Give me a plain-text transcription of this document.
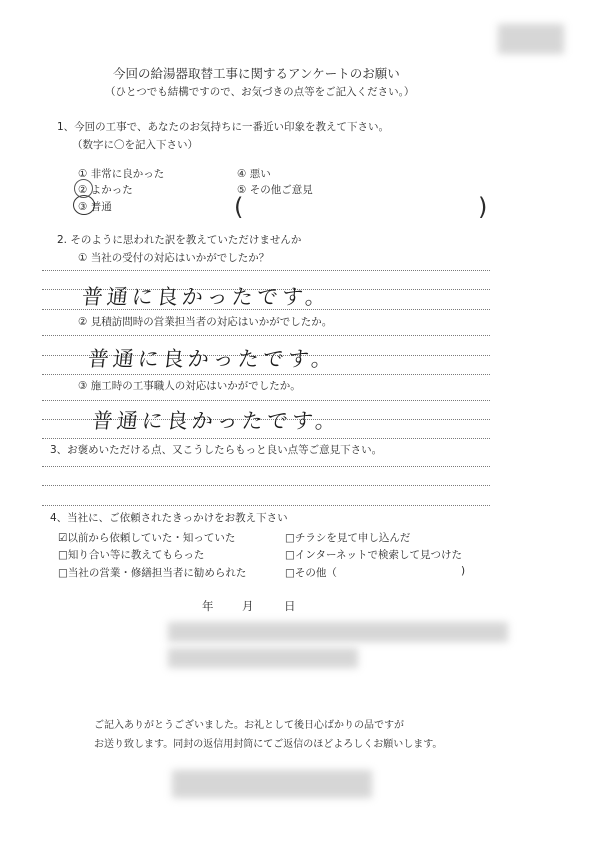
今回の給湯器取替工事に関するアンケートのお願い
（ひとつでも結構ですので、お気づきの点等をご記入ください。）
1、今回の工事で、あなたのお気持ちに一番近い印象を教えて下さい。
（数字に〇を記入下さい）
① 非常に良かった
② よかった
③ 普通
④ 悪い
⑤ その他ご意見
(	)
2. そのように思われた訳を教えていただけませんか
① 当社の受付の対応はいかがでしたか？
普通に良かったです。
② 見積訪問時の営業担当者の対応はいかがでしたか。
普通に良かったです。
③ 施工時の工事職人の対応はいかがでしたか。
普通に良かったです。
3、お褒めいただける点、又こうしたらもっと良い点等ご意見下さい。
4、当社に、ご依頼されたきっかけをお教え下さい
☑以前から依頼していた・知っていた
□知り合い等に教えてもらった
□当社の営業・修繕担当者に勧められた
□チラシを見て申し込んだ
□インターネットで検索して見つけた
□その他（	)
年 月	日
ご記入ありがとうございました。お礼として後日心ばかりの品ですが
お送り致します。同封の返信用封筒にてご返信のほどよろしくお願いします。
